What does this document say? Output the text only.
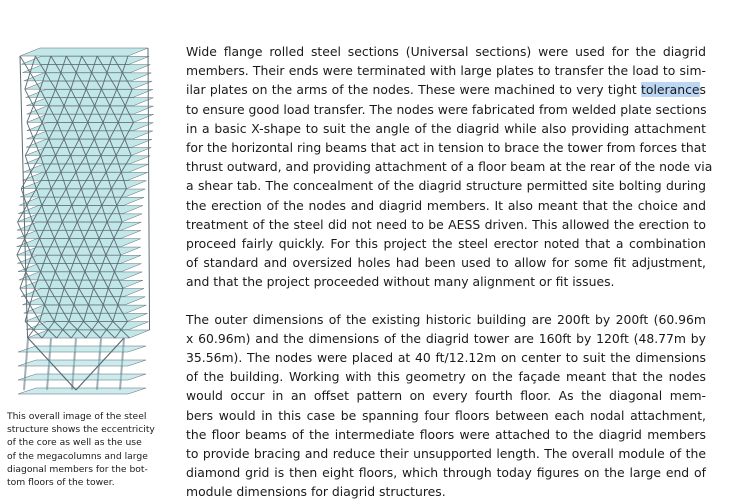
This overall image of the steel
structure shows the eccentricity
of the core as well as the use
of the megacolumns and large
diagonal members for the bot-
tom floors of the tower.

Wide flange rolled steel sections (Universal sections) were used for the diagrid
members. Their ends were terminated with large plates to transfer the load to sim-
ilar plates on the arms of the nodes. These were machined to very tight tolerances
to ensure good load transfer. The nodes were fabricated from welded plate sections
in a basic X-shape to suit the angle of the diagrid while also providing attachment
for the horizontal ring beams that act in tension to brace the tower from forces that
thrust outward, and providing attachment of a floor beam at the rear of the node via
a shear tab. The concealment of the diagrid structure permitted site bolting during
the erection of the nodes and diagrid members. It also meant that the choice and
treatment of the steel did not need to be AESS driven. This allowed the erection to
proceed fairly quickly. For this project the steel erector noted that a combination
of standard and oversized holes had been used to allow for some fit adjustment,
and that the project proceeded without many alignment or fit issues.

The outer dimensions of the existing historic building are 200ft by 200ft (60.96m
x 60.96m) and the dimensions of the diagrid tower are 160ft by 120ft (48.77m by
35.56m). The nodes were placed at 40 ft/12.12m on center to suit the dimensions
of the building. Working with this geometry on the façade meant that the nodes
would occur in an offset pattern on every fourth floor. As the diagonal mem-
bers would in this case be spanning four floors between each nodal attachment,
the floor beams of the intermediate floors were attached to the diagrid members
to provide bracing and reduce their unsupported length. The overall module of the
diamond grid is then eight floors, which through today figures on the large end of
module dimensions for diagrid structures.
